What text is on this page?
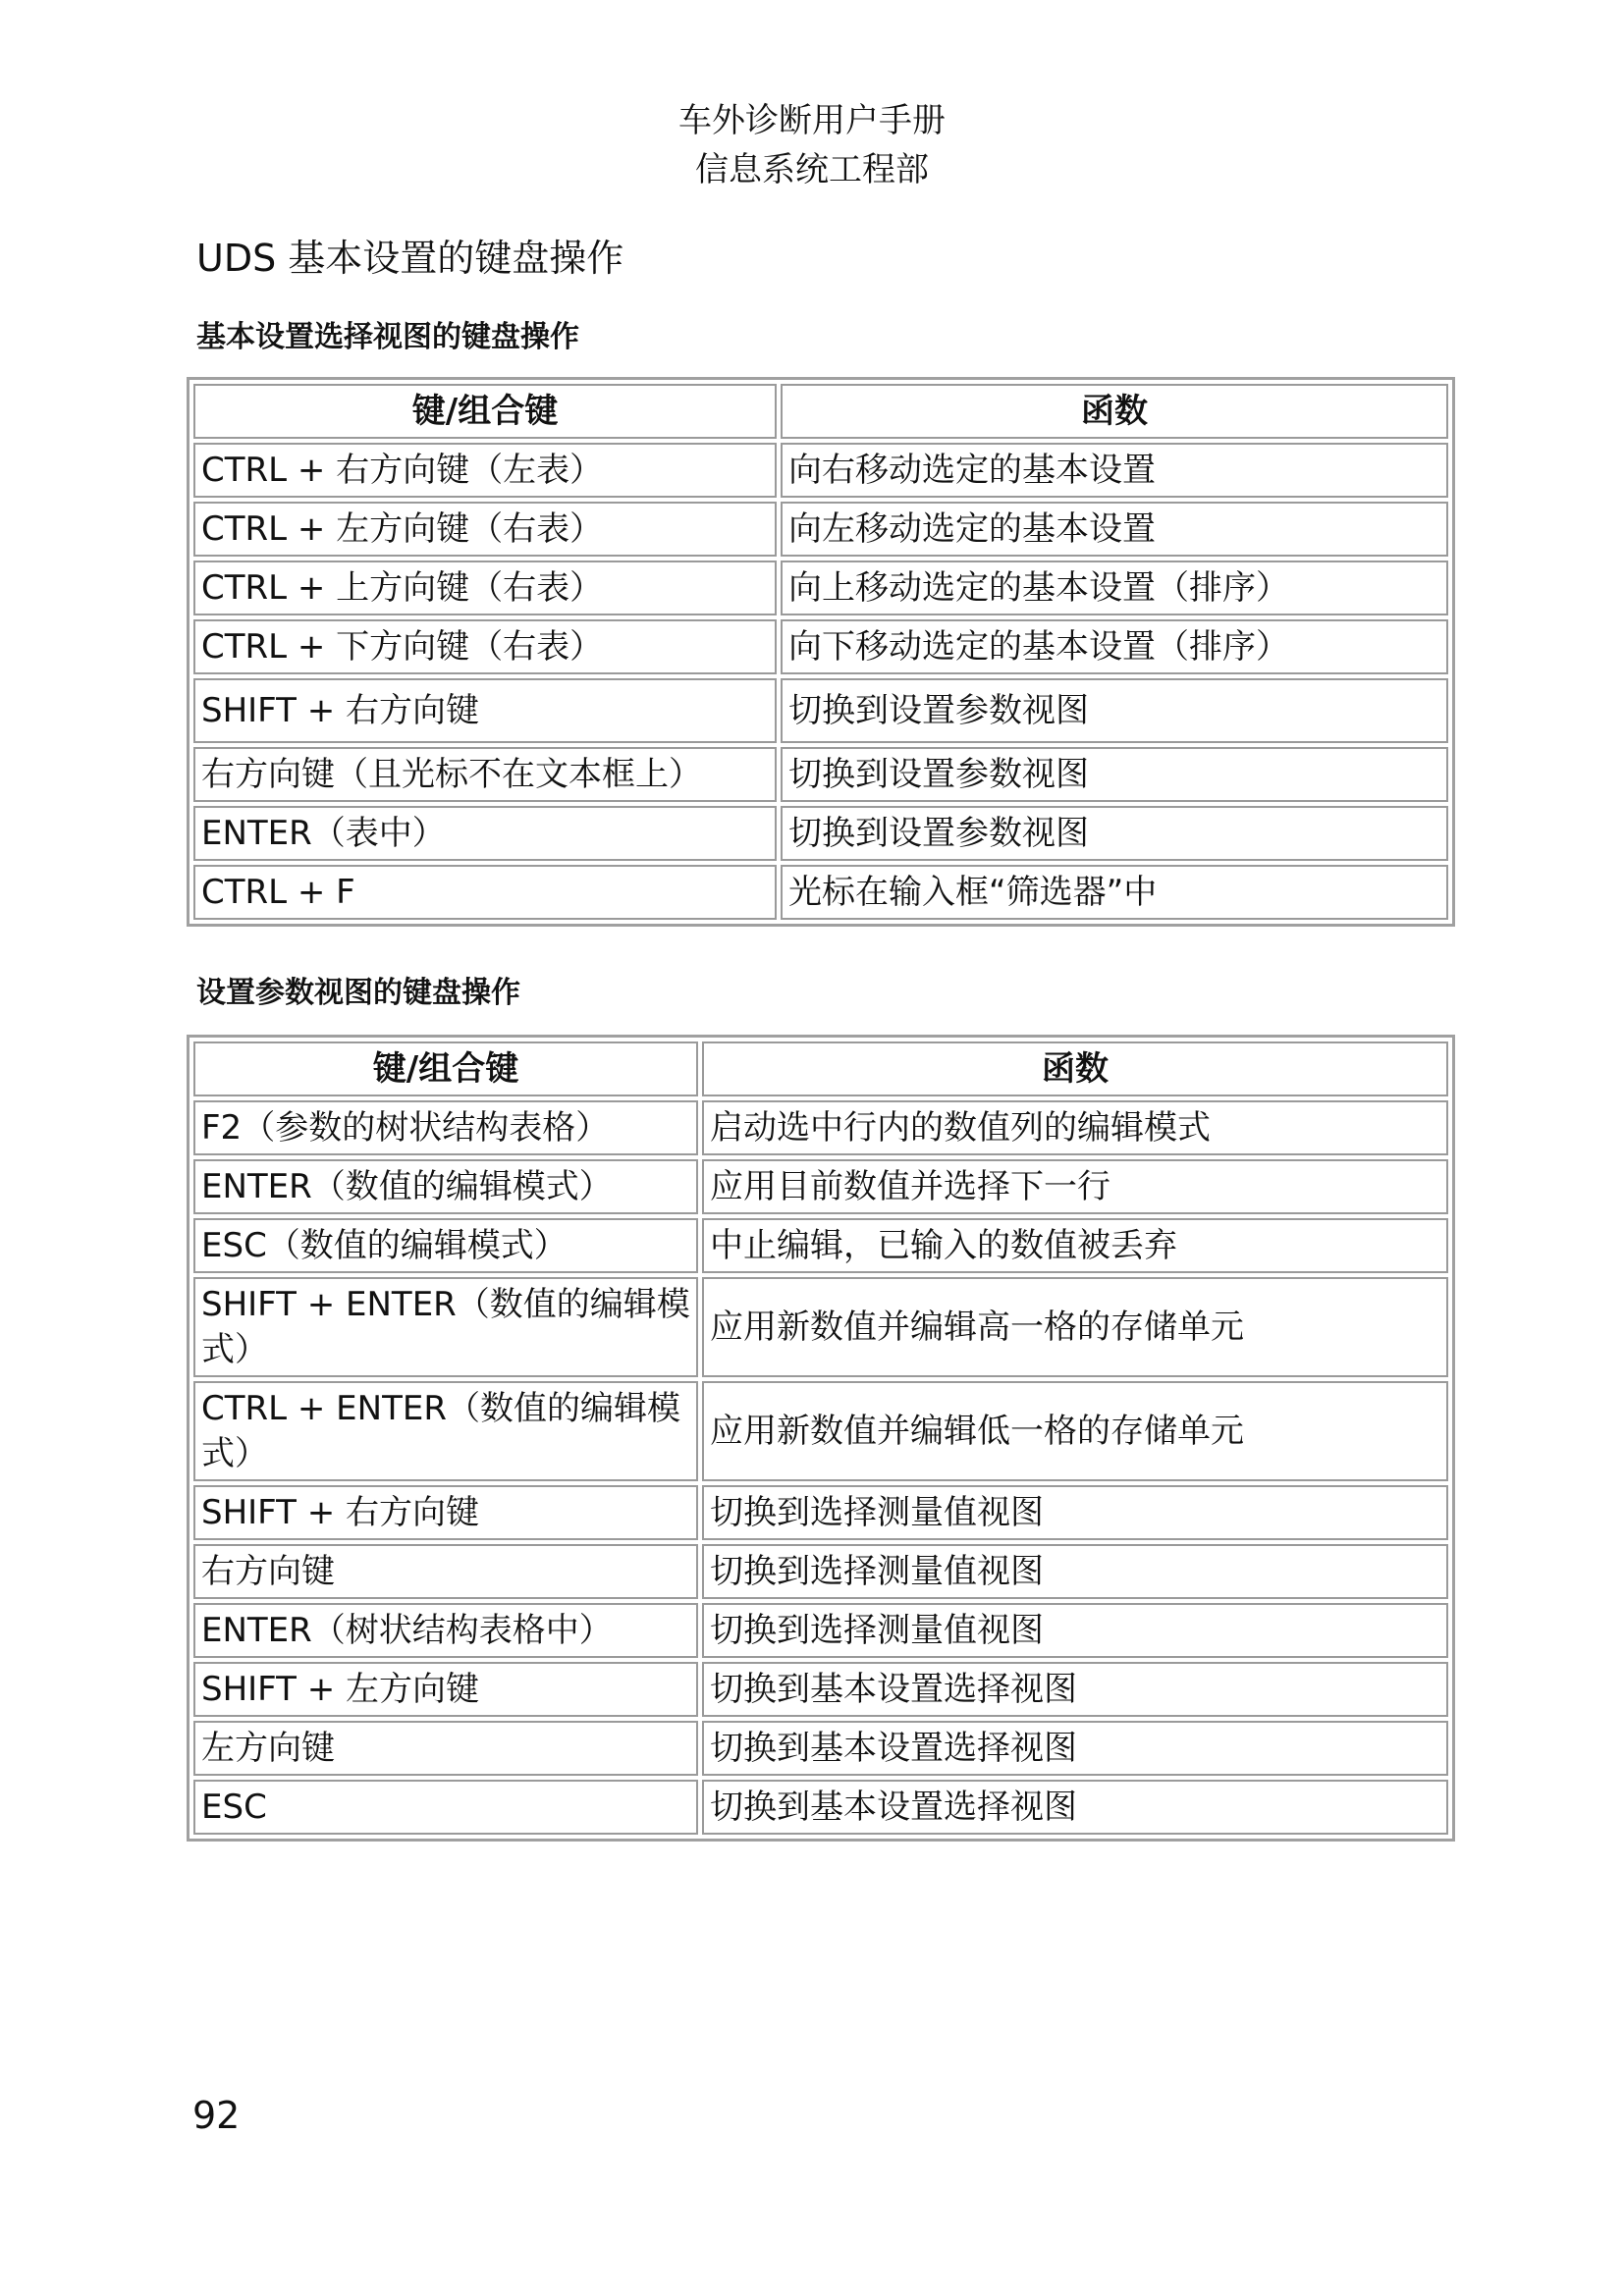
车外诊断用户手册
信息系统工程部
UDS 基本设置的键盘操作
基本设置选择视图的键盘操作
键/组合键	函数
CTRL + 右方向键（左表）	向右移动选定的基本设置
CTRL + 左方向键（右表）	向左移动选定的基本设置
CTRL + 上方向键（右表）	向上移动选定的基本设置（排序）
CTRL + 下方向键（右表）	向下移动选定的基本设置（排序）
SHIFT + 右方向键	切换到设置参数视图
右方向键（且光标不在文本框上）	切换到设置参数视图
ENTER（表中）	切换到设置参数视图
CTRL + F	光标在输入框“筛选器”中
设置参数视图的键盘操作
键/组合键	函数
F2（参数的树状结构表格）	启动选中行内的数值列的编辑模式
ENTER（数值的编辑模式）	应用目前数值并选择下一行
ESC（数值的编辑模式）	中止编辑，已输入的数值被丢弃
SHIFT + ENTER（数值的编辑模式）	应用新数值并编辑高一格的存储单元
CTRL + ENTER（数值的编辑模式）	应用新数值并编辑低一格的存储单元
SHIFT + 右方向键	切换到选择测量值视图
右方向键	切换到选择测量值视图
ENTER（树状结构表格中）	切换到选择测量值视图
SHIFT + 左方向键	切换到基本设置选择视图
左方向键	切换到基本设置选择视图
ESC	切换到基本设置选择视图
92
